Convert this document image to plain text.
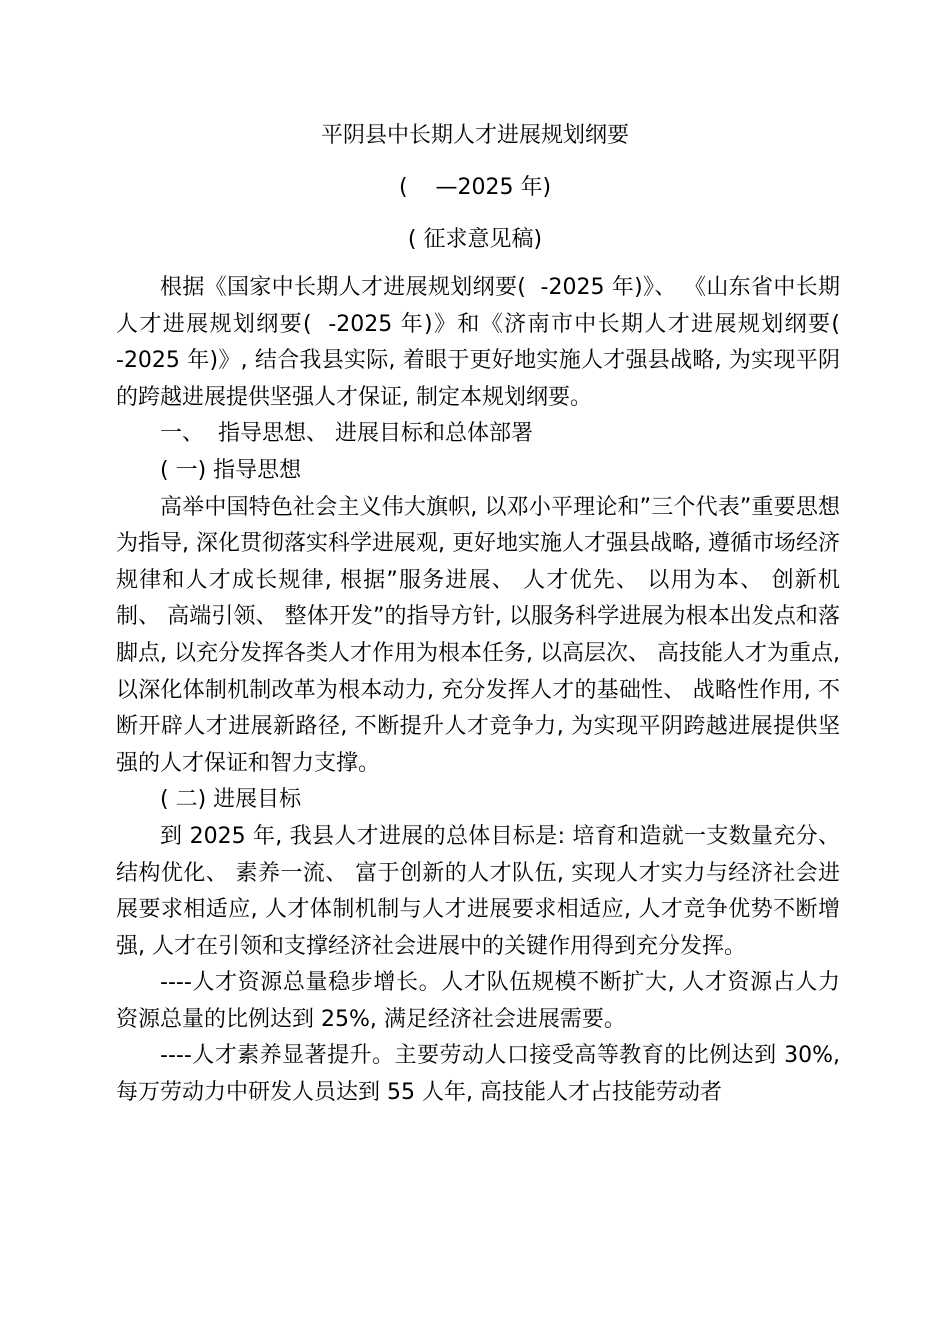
平阴县中长期人才进展规划纲要
(    —2025 年)
( 征求意见稿)

根据《国家中长期人才进展规划纲要(  -2025 年)》、 《山东省中长期人才进展规划纲要(  -2025 年)》和《济南市中长期人才进展规划纲要(  -2025 年)》, 结合我县实际, 着眼于更好地实施人才强县战略, 为实现平阴的跨越进展提供坚强人才保证, 制定本规划纲要。

一、  指导思想、 进展目标和总体部署

( 一) 指导思想

高举中国特色社会主义伟大旗帜, 以邓小平理论和”三个代表”重要思想为指导, 深化贯彻落实科学进展观, 更好地实施人才强县战略, 遵循市场经济规律和人才成长规律, 根据”服务进展、 人才优先、 以用为本、 创新机制、 高端引领、 整体开发”的指导方针, 以服务科学进展为根本出发点和落脚点, 以充分发挥各类人才作用为根本任务, 以高层次、 高技能人才为重点, 以深化体制机制改革为根本动力, 充分发挥人才的基础性、 战略性作用, 不断开辟人才进展新路径, 不断提升人才竞争力, 为实现平阴跨越进展提供坚强的人才保证和智力支撑。

( 二) 进展目标

到 2025 年, 我县人才进展的总体目标是: 培育和造就一支数量充分、 结构优化、 素养一流、 富于创新的人才队伍, 实现人才实力与经济社会进展要求相适应, 人才体制机制与人才进展要求相适应, 人才竞争优势不断增强, 人才在引领和支撑经济社会进展中的关键作用得到充分发挥。

----人才资源总量稳步增长。人才队伍规模不断扩大, 人才资源占人力资源总量的比例达到 25%, 满足经济社会进展需要。

----人才素养显著提升。主要劳动人口接受高等教育的比例达到 30%, 每万劳动力中研发人员达到 55 人年, 高技能人才占技能劳动者
